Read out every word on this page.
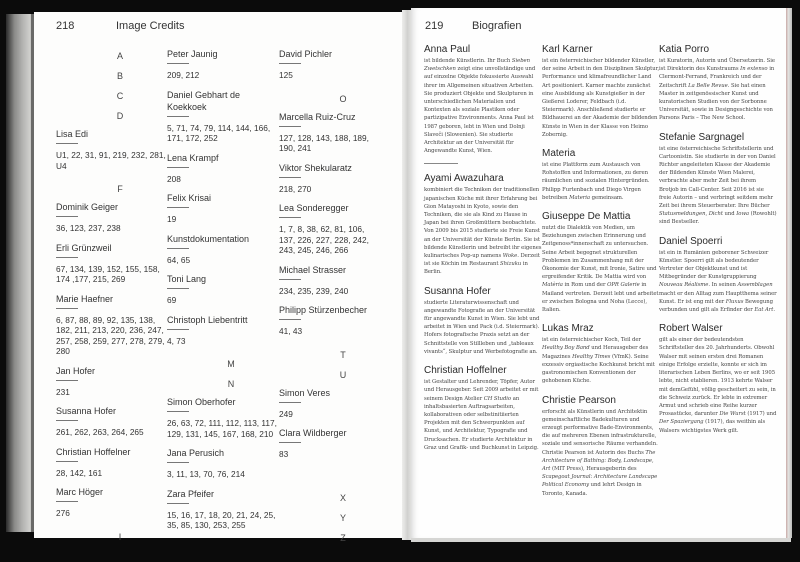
218	Image Credits
A
B
C
D
Lisa Edi
U1, 22, 31, 91, 219, 232, 281, U4
F
Dominik Geiger
36, 123, 237, 238
Erli Grünzweil
67, 134, 139, 152, 155, 158, 174 ,177, 215, 269
Marie Haefner
6, 87, 88, 89, 92, 135, 138, 182, 211, 213, 220, 236, 247, 257, 258, 259, 277, 278, 279, 280
Jan Hofer
231
Susanna Hofer
261, 262, 263, 264, 265
Christian Hoffelner
28, 142, 161
Marc Höger
276
I
Peter Jaunig
209, 212
Daniel Gebhart de Koekkoek
5, 71, 74, 79, 114, 144, 166, 171, 172, 252
Lena Krampf
208
Felix Krisai
19
Kunstdokumentation
64, 65
Toni Lang
69
Christoph Liebentritt
4, 73
M
N
Simon Oberhofer
26, 63, 72, 111, 112, 113, 117, 129, 131, 145, 167, 168, 210
Jana Perusich
3, 11, 13, 70, 76, 214
Zara Pfeifer
15, 16, 17, 18, 20, 21, 24, 25, 35, 85, 130, 253, 255
David Pichler
125
O
Marcella Ruiz-Cruz
127, 128, 143, 188, 189, 190, 241
Viktor Shekularatz
218, 270
Lea Sonderegger
1, 7, 8, 38, 62, 81, 106, 137, 226, 227, 228, 242, 243, 245, 246, 266
Michael Strasser
234, 235, 239, 240
Philipp Stürzenbecher
41, 43
T
U
Simon Veres
249
Clara Wildberger
83
X
Y
Z
219	Biografien
Anna Paul
ist bildende Künstlerin. Ihr Buch Sieben Zwetschken zeigt eine unvollständige und auf einzelne Objekte fokussierte Auswahl ihrer im Allgemeinen situativen Arbeiten. Sie produziert Objekte und Skulpturen in unterschiedlichen Materialien und Kontexten als soziale Plastiken oder partizipative Environments. Anna Paul ist 1987 geboren, lebt in Wien und Dolnji Slaveči (Slowenien). Sie studierte Architektur an der Universität für Angewandte Kunst, Wien.
Ayami Awazuhara
kombiniert die Techniken der traditionellen japanischen Küche mit ihrer Erfahrung bei Gion Matayoshi in Kyoto, sowie den Techniken, die sie als Kind zu Hause in Japan bei ihren Großmüttern beobachtete. Von 2009 bis 2015 studierte sie Freie Kunst an der Universität der Künste Berlin. Sie ist bildende Künstlerin und betreibt ihr eigenes kulinarisches Pop-up namens Woke. Derzeit ist sie Köchin im Restaurant Shizuku in Berlin.
Susanna Hofer
studierte Literaturwissenschaft und angewandte Fotografie an der Universität für angewandte Kunst in Wien. Sie lebt und arbeitet in Wien und Pack (i.d. Steiermark). Hofers fotografische Praxis setzt an der Schnittstelle von Stillleben und „tableaux vivants“, Skulptur und Werbefotografie an.
Christian Hoffelner
ist Gestalter und Lehrender, Töpfer, Autor und Herausgeber. Seit 2009 arbeitet er mit seinem Design Atelier CH Studio an inhaltsbasierten Auftragsarbeiten, kollaborativen oder selbstinitiierten Projekten mit den Schwerpunkten auf Kunst, und Architektur, Typografie und Drucksachen. Er studierte Architektur in Graz und Grafik- und Buchkunst in Leipzig.
Karl Karner
ist ein österreichischer bildender Künstler, der seine Arbeit in den Disziplinen Skulptur, Performance und klimafreundlicher Land Art positioniert. Karner machte zunächst eine Ausbildung als Kunstgießer in der Gießerei Loderer, Feldbach (i.d. Steiermark). Anschließend studierte er Bildhauerei an der Akademie der bildenden Künste in Wien in der Klasse von Heimo Zobernig.
Materia
ist eine Plattform zum Austausch von Rohstoffen und Informationen, zu deren räumlichen und sozialen Hintergründen. Philipp Furtenbach und Diego Virgen betreiben Materia gemeinsam.
Giuseppe De Mattia
nutzt die Dialektik von Medien, um Beziehungen zwischen Erinnerung und Zeitgenoss*innenschaft zu untersuchen. Seine Arbeit begegnet strukturellen Problemen im Zusammenhang mit der Ökonomie der Kunst, mit Ironie, Satire und ergreifender Kritik. De Mattia wird von Matèria in Rom und der OPR Galerie in Mailand vertreten. Derzeit lebt und arbeitet er zwischen Bologna und Noha (Lecce), Italien.
Lukas Mraz
ist ein österreichischer Koch, Teil der Healthy Boy Band und Herausgeber des Magazines Healthy Times (VfmK). Seine exzessiv orgiastische Kochkunst bricht mit gastronomischen Konventionen der gehobenen Küche.
Christie Pearson
erforscht als Künstlerin und Architektin gemeinschaftliche Badekulturen und erzeugt performative Bade-Environments, die auf mehreren Ebenen infrastrukturelle, soziale und sensorische Räume verhandeln. Christie Pearson ist Autorin des Buchs The Architecture of Bathing: Body, Landscape, Art (MIT Press), Herausgeberin des Scapegoat Journal: Architecture Landscape Political Economy und lehrt Design in Toronto, Kanada.
Katia Porro
ist Kuratorin, Autorin und Übersetzerin. Sie ist Direktorin des Kunstraums In extenso in Clermont-Ferrand, Frankreich und der Zeitschrift La Belle Revue. Sie hat einen Master in zeitgenössischer Kunst und kuratorischen Studien von der Sorbonne Universität, sowie in Designgeschichte von Parsons Paris – The New School.
Stefanie Sargnagel
ist eine österreichische Schriftstellerin und Cartoonistin. Sie studierte in der von Daniel Richter angeleiteten Klasse der Akademie der Bildenden Künste Wien Malerei, verbrachte aber mehr Zeit bei ihrem Brotjob im Call-Center. Seit 2016 ist sie freie Autorin – und verbringt seitdem mehr Zeit bei ihrem Steuerberater. Ihre Bücher Statusmeldungen, Dicht und Iowa (Rowohlt) sind Bestseller.
Daniel Spoerri
ist ein in Rumänien geborener Schweizer Künstler. Spoerri gilt als bedeutender Vertreter der Objektkunst und ist Mitbegründer der Kunstgruppierung Nouveau Réalisme. In seinen Assemblagen macht er den Alltag zum Hauptthema seiner Kunst. Er ist eng mit der Fluxus Bewegung verbunden und gilt als Erfinder der Eat Art.
Robert Walser
gilt als einer der bedeutendsten Schriftsteller des 20. Jahrhunderts. Obwohl Walser mit seinen ersten drei Romanen einige Erfolge erzielte, konnte er sich im literarischen Leben Berlins, wo er seit 1905 lebte, nicht etablieren. 1913 kehrte Walser mit demGefühl, völlig gescheitert zu sein, in die Schweiz zurück. Er lebte in extremer Armut und schrieb eine Reihe kurzer Prosastücke, darunter Die Wurst (1917) und Der Spaziergang (1917), das weithin als Walsers wichtigstes Werk gilt.
